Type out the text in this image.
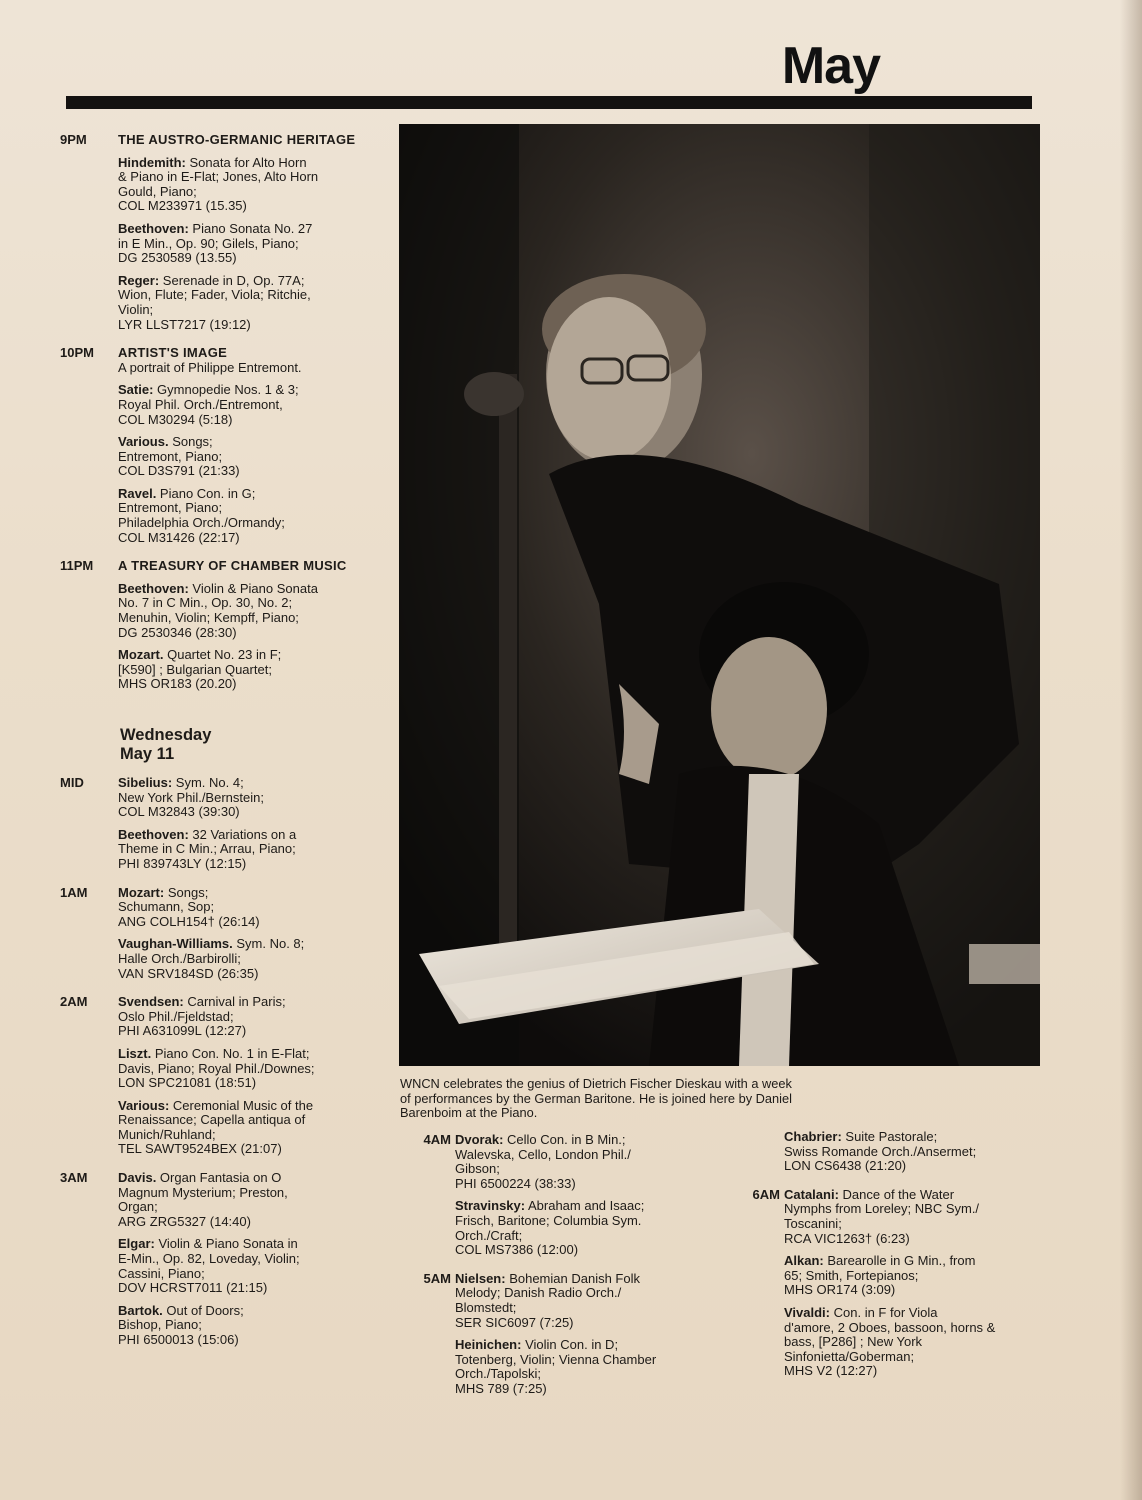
May
9PM	THE AUSTRO-GERMANIC HERITAGE
Hindemith: Sonata for Alto Horn
& Piano in E-Flat; Jones, Alto Horn
Gould, Piano;
COL M233971 (15.35)
Beethoven: Piano Sonata No. 27
in E Min., Op. 90; Gilels, Piano;
DG 2530589 (13.55)
Reger: Serenade in D, Op. 77A;
Wion, Flute; Fader, Viola; Ritchie,
Violin;
LYR LLST7217 (19:12)
10PM	ARTIST'S IMAGE
A portrait of Philippe Entremont.
Satie: Gymnopedie Nos. 1 & 3;
Royal Phil. Orch./Entremont,
COL M30294 (5:18)
Various. Songs;
Entremont, Piano;
COL D3S791 (21:33)
Ravel. Piano Con. in G;
Entremont, Piano;
Philadelphia Orch./Ormandy;
COL M31426 (22:17)
11PM	A TREASURY OF CHAMBER MUSIC
Beethoven: Violin & Piano Sonata
No. 7 in C Min., Op. 30, No. 2;
Menuhin, Violin; Kempff, Piano;
DG 2530346 (28:30)
Mozart. Quartet No. 23 in F;
[K590] ; Bulgarian Quartet;
MHS OR183 (20.20)
Wednesday
May 11
MID	Sibelius: Sym. No. 4;
New York Phil./Bernstein;
COL M32843 (39:30)
Beethoven: 32 Variations on a
Theme in C Min.; Arrau, Piano;
PHI 839743LY (12:15)
1AM	Mozart: Songs;
Schumann, Sop;
ANG COLH154† (26:14)
Vaughan-Williams. Sym. No. 8;
Halle Orch./Barbirolli;
VAN SRV184SD (26:35)
2AM	Svendsen: Carnival in Paris;
Oslo Phil./Fjeldstad;
PHI A631099L (12:27)
Liszt. Piano Con. No. 1 in E-Flat;
Davis, Piano; Royal Phil./Downes;
LON SPC21081 (18:51)
Various: Ceremonial Music of the
Renaissance; Capella antiqua of
Munich/Ruhland;
TEL SAWT9524BEX (21:07)
3AM	Davis. Organ Fantasia on O
Magnum Mysterium; Preston,
Organ;
ARG ZRG5327 (14:40)
Elgar: Violin & Piano Sonata in
E-Min., Op. 82, Loveday, Violin;
Cassini, Piano;
DOV HCRST7011 (21:15)
Bartok. Out of Doors;
Bishop, Piano;
PHI 6500013 (15:06)
WNCN celebrates the genius of Dietrich Fischer Dieskau with a week
of performances by the German Baritone. He is joined here by Daniel
Barenboim at the Piano.
4AM Dvorak: Cello Con. in B Min.;
Walevska, Cello, London Phil./
Gibson;
PHI 6500224 (38:33)
Stravinsky: Abraham and Isaac;
Frisch, Baritone; Columbia Sym.
Orch./Craft;
COL MS7386 (12:00)
5AM Nielsen: Bohemian Danish Folk
Melody; Danish Radio Orch./
Blomstedt;
SER SIC6097 (7:25)
Heinichen: Violin Con. in D;
Totenberg, Violin; Vienna Chamber
Orch./Tapolski;
MHS 789 (7:25)
Chabrier: Suite Pastorale;
Swiss Romande Orch./Ansermet;
LON CS6438 (21:20)
6AM Catalani: Dance of the Water
Nymphs from Loreley; NBC Sym./
Toscanini;
RCA VIC1263† (6:23)
Alkan: Barearolle in G Min., from
65; Smith, Fortepianos;
MHS OR174 (3:09)
Vivaldi: Con. in F for Viola
d'amore, 2 Oboes, bassoon, horns &
bass, [P286] ; New York
Sinfonietta/Goberman;
MHS V2 (12:27)
